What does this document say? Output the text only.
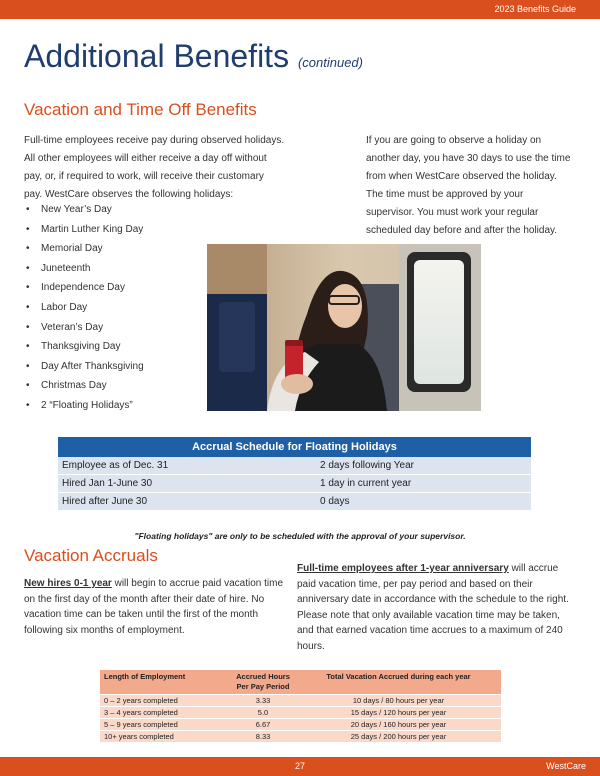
2023 Benefits Guide
Additional Benefits (continued)
Vacation and Time Off Benefits
Full-time employees receive pay during observed holidays.
All other employees will either receive a day off without
pay, or, if required to work, will receive their customary
pay. WestCare observes the following holidays:
• New Year’s Day
• Martin Luther King Day
• Memorial Day
• Juneteenth
• Independence Day
• Labor Day
• Veteran’s Day
• Thanksgiving Day
• Day After Thanksgiving
• Christmas Day
• 2 “Floating Holidays”
If you are going to observe a holiday on
another day, you have 30 days to use the time
from when WestCare observed the holiday.
The time must be approved by your
supervisor. You must work your regular
scheduled day before and after the holiday.
Accrual Schedule for Floating Holidays
Employee as of Dec. 31	2 days following Year
Hired Jan 1-June 30	1 day in current year
Hired after June 30	0 days
"Floating holidays" are only to be scheduled with the approval of your supervisor.
Vacation Accruals
New hires 0-1 year will begin to accrue paid vacation time on the first day of the month after their date of hire. No vacation time can be taken until the first of the month following six months of employment.
Full-time employees after 1-year anniversary will accrue paid vacation time, per pay period and based on their anniversary date in accordance with the schedule to the right. Please note that only available vacation time may be taken, and that earned vacation time accrues to a maximum of 240 hours.
Length of Employment	Accrued Hours Per Pay Period	Total Vacation Accrued during each year
0 – 2 years completed	3.33	10 days / 80 hours per year
3 – 4 years completed	5.0	15 days / 120 hours per year
5 – 9 years completed	6.67	20 days / 160 hours per year
10+ years completed	8.33	25 days / 200 hours per year
27	WestCare
